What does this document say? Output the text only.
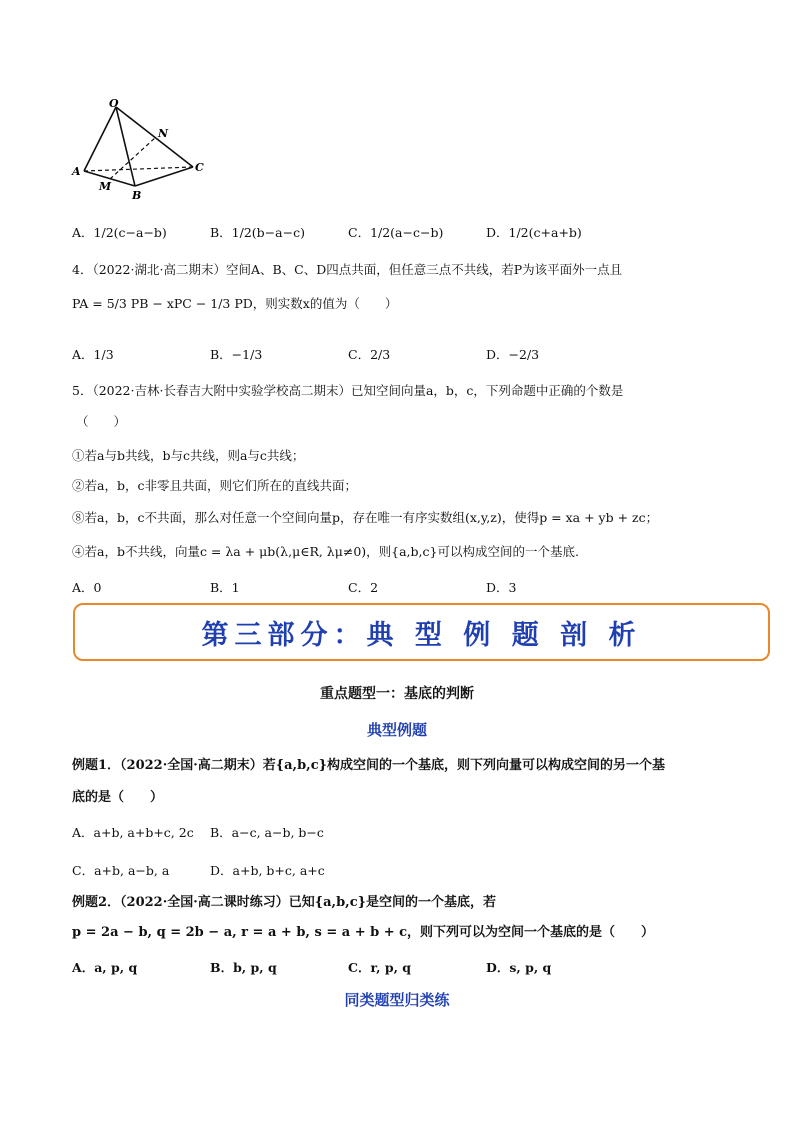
O
N
A	C
M
B
A．1/2(c−a−b)	B．1/2(b−a−c)	C．1/2(a−c−b)	D．1/2(c+a+b)
4．（2022·湖北·高二期末）空间A、B、C、D四点共面，但任意三点不共线，若P为该平面外一点且
PA = 5/3 PB − xPC − 1/3 PD，则实数x的值为（　　）
A．1/3	B．−1/3	C．2/3	D．−2/3
5．（2022·吉林·长春吉大附中实验学校高二期末）已知空间向量a，b，c，下列命题中正确的个数是
（　　）
①若a与b共线，b与c共线，则a与c共线；
②若a，b，c非零且共面，则它们所在的直线共面；
⑧若a，b，c不共面，那么对任意一个空间向量p，存在唯一有序实数组(x,y,z)，使得p = xa + yb + zc；
④若a，b不共线，向量c = λa + μb(λ,μ∈R, λμ≠0)，则{a,b,c}可以构成空间的一个基底.
A．0	B．1	C．2	D．3
第三部分：典 型 例 题 剖 析
重点题型一：基底的判断
典型例题
例题1．（2022·全国·高二期末）若{a,b,c}构成空间的一个基底，则下列向量可以构成空间的另一个基
底的是（　　）
A．a+b, a+b+c, 2c B．a−c, a−b, b−c
C．a+b, a−b, a	D．a+b, b+c, a+c
例题2．（2022·全国·高二课时练习）已知{a,b,c}是空间的一个基底，若
p = 2a − b, q = 2b − a, r = a + b, s = a + b + c，则下列可以为空间一个基底的是（　　）
A．a, p, q	B．b, p, q	C．r, p, q	D．s, p, q
同类题型归类练
